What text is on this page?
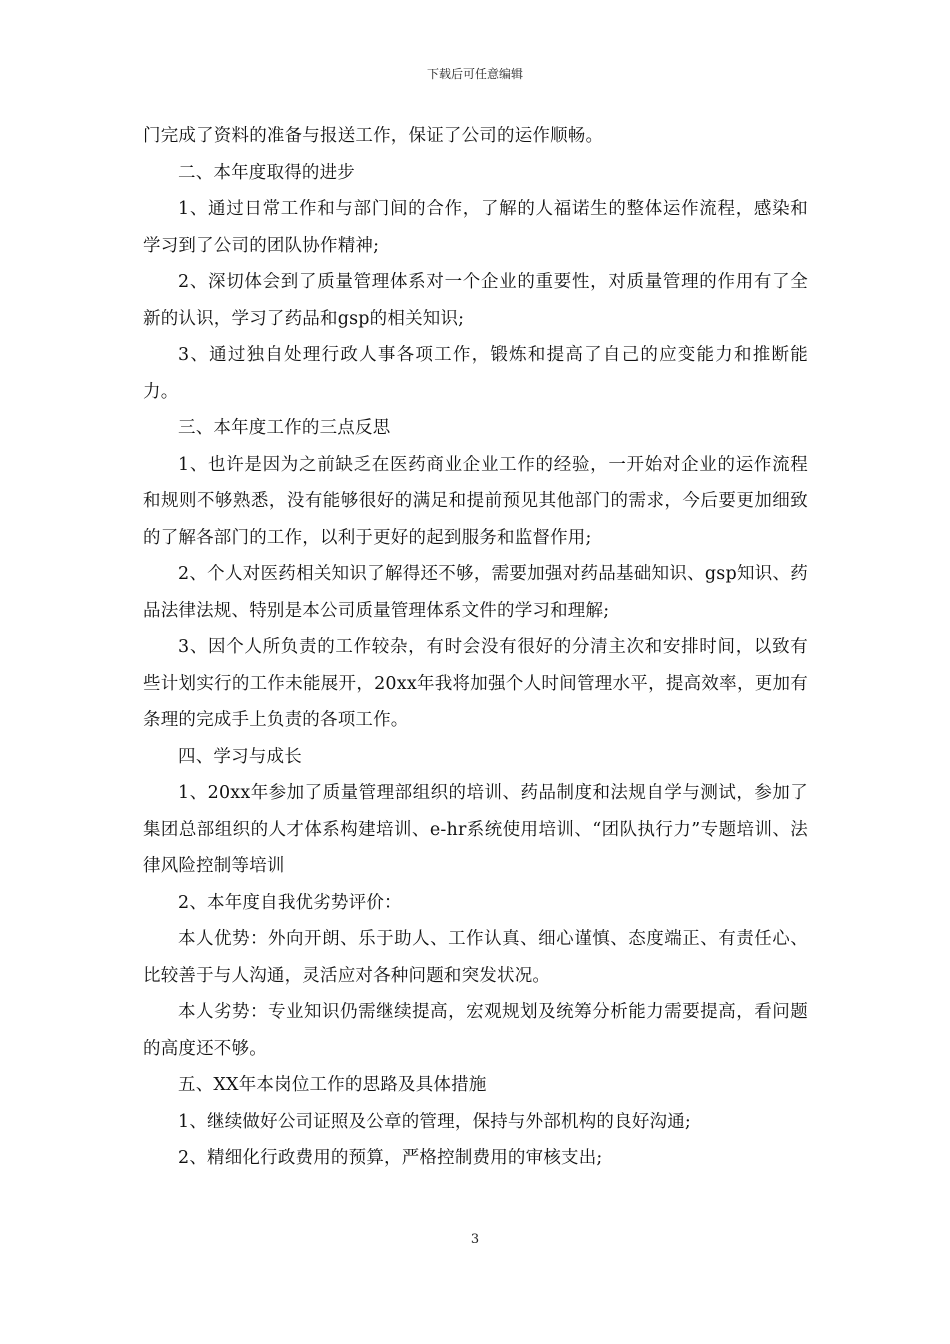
下载后可任意编辑

门完成了资料的准备与报送工作，保证了公司的运作顺畅。

二、本年度取得的进步

1、通过日常工作和与部门间的合作，了解的人福诺生的整体运作流程，感染和学习到了公司的团队协作精神;

2、深切体会到了质量管理体系对一个企业的重要性，对质量管理的作用有了全新的认识，学习了药品和gsp的相关知识;

3、通过独自处理行政人事各项工作，锻炼和提高了自己的应变能力和推断能力。

三、本年度工作的三点反思

1、也许是因为之前缺乏在医药商业企业工作的经验，一开始对企业的运作流程和规则不够熟悉，没有能够很好的满足和提前预见其他部门的需求，今后要更加细致的了解各部门的工作，以利于更好的起到服务和监督作用;

2、个人对医药相关知识了解得还不够，需要加强对药品基础知识、gsp知识、药品法律法规、特别是本公司质量管理体系文件的学习和理解;

3、因个人所负责的工作较杂，有时会没有很好的分清主次和安排时间，以致有些计划实行的工作未能展开，20xx年我将加强个人时间管理水平，提高效率，更加有条理的完成手上负责的各项工作。

四、学习与成长

1、20xx年参加了质量管理部组织的培训、药品制度和法规自学与测试，参加了集团总部组织的人才体系构建培训、e-hr系统使用培训、“团队执行力”专题培训、法律风险控制等培训

2、本年度自我优劣势评价：

本人优势：外向开朗、乐于助人、工作认真、细心谨慎、态度端正、有责任心、比较善于与人沟通，灵活应对各种问题和突发状况。

本人劣势：专业知识仍需继续提高，宏观规划及统筹分析能力需要提高，看问题的高度还不够。

五、XX年本岗位工作的思路及具体措施

1、继续做好公司证照及公章的管理，保持与外部机构的良好沟通;

2、精细化行政费用的预算，严格控制费用的审核支出;

3
